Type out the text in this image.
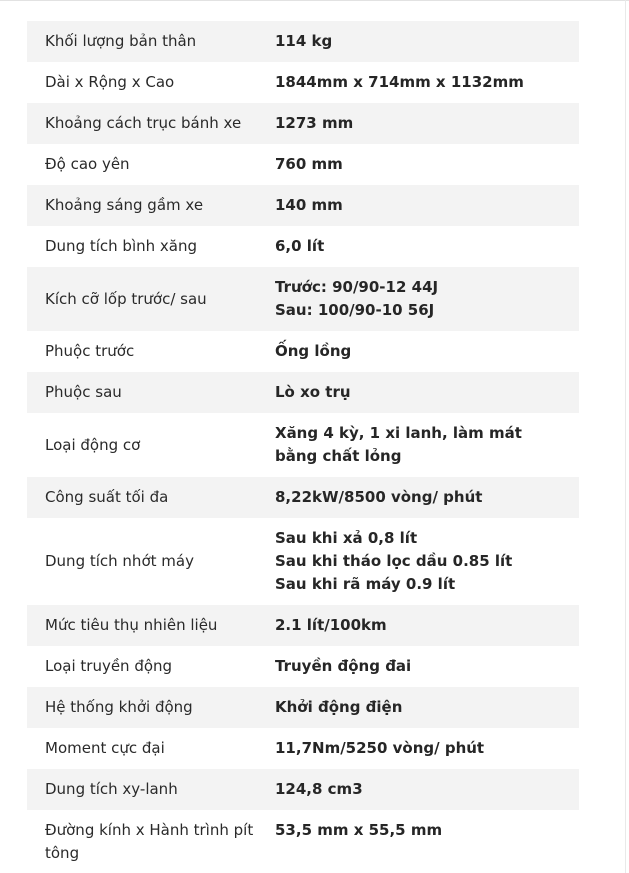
Khối lượng bản thân	114 kg

Dài x Rộng x Cao	1844mm x 714mm x 1132mm

Khoảng cách trục bánh xe	1273 mm

Độ cao yên	760 mm

Khoảng sáng gầm xe	140 mm

Dung tích bình xăng	6,0 lít

Kích cỡ lốp trước/ sau	Trước: 90/90-12 44J
Sau: 100/90-10 56J

Phuộc trước	Ống lồng

Phuộc sau	Lò xo trụ

Loại động cơ	Xăng 4 kỳ, 1 xi lanh, làm mát bằng chất lỏng

Công suất tối đa	8,22kW/8500 vòng/ phút

Dung tích nhớt máy	Sau khi xả 0,8 lít
Sau khi tháo lọc dầu 0.85 lít
Sau khi rã máy 0.9 lít

Mức tiêu thụ nhiên liệu	2.1 lít/100km

Loại truyền động	Truyền động đai

Hệ thống khởi động	Khởi động điện

Moment cực đại	11,7Nm/5250 vòng/ phút

Dung tích xy-lanh	124,8 cm3

Đường kính x Hành trình pít tông	53,5 mm x 55,5 mm
